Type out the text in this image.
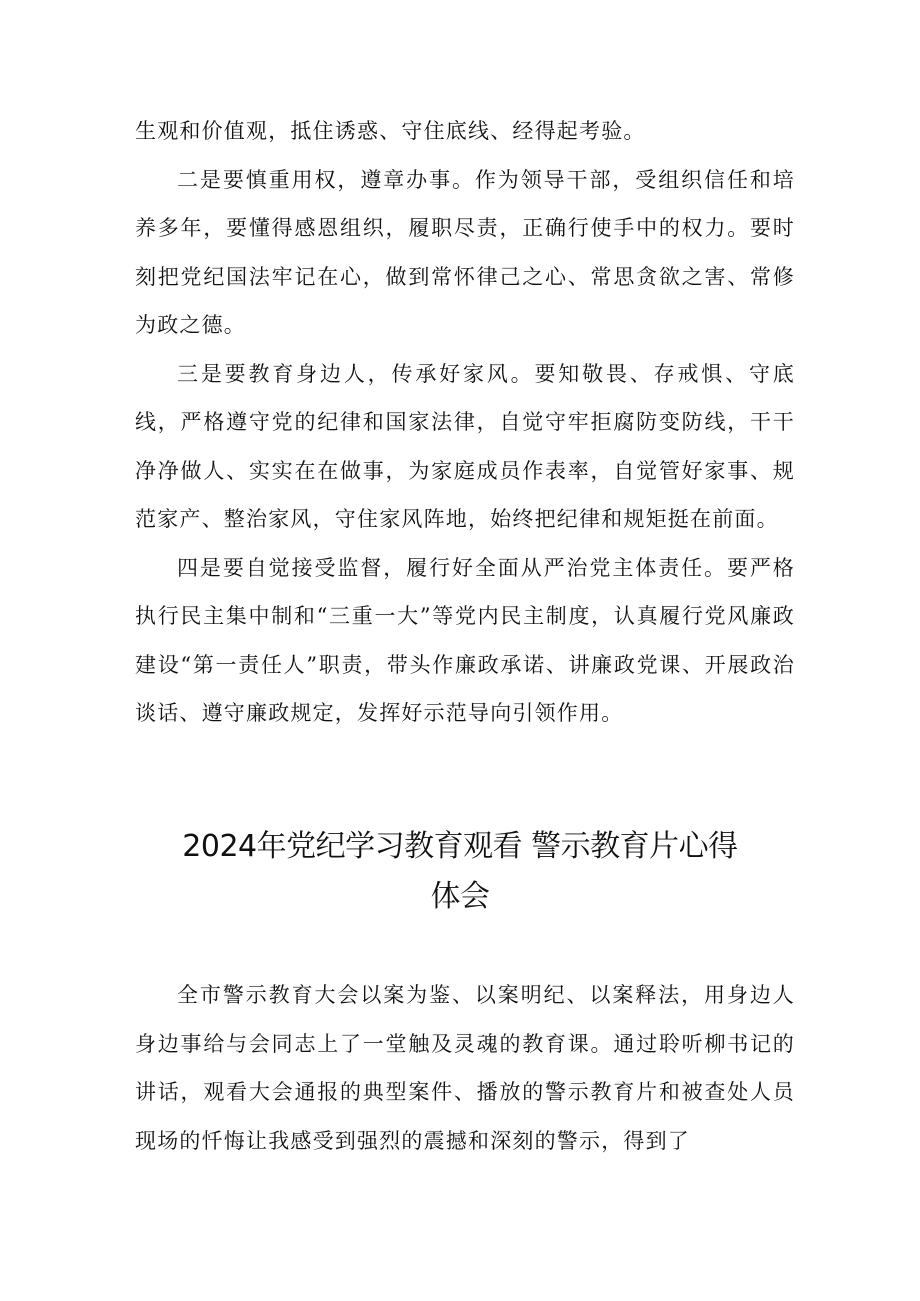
生观和价值观，抵住诱惑、守住底线、经得起考验。

二是要慎重用权，遵章办事。作为领导干部，受组织信任和培养多年，要懂得感恩组织，履职尽责，正确行使手中的权力。要时刻把党纪国法牢记在心，做到常怀律己之心、常思贪欲之害、常修为政之德。

三是要教育身边人，传承好家风。要知敬畏、存戒惧、守底线，严格遵守党的纪律和国家法律，自觉守牢拒腐防变防线，干干净净做人、实实在在做事，为家庭成员作表率，自觉管好家事、规范家产、整治家风，守住家风阵地，始终把纪律和规矩挺在前面。

四是要自觉接受监督，履行好全面从严治党主体责任。要严格执行民主集中制和“三重一大”等党内民主制度，认真履行党风廉政建设“第一责任人”职责，带头作廉政承诺、讲廉政党课、开展政治谈话、遵守廉政规定，发挥好示范导向引领作用。

2024年党纪学习教育观看 警示教育片心得
体会

全市警示教育大会以案为鉴、以案明纪、以案释法，用身边人身边事给与会同志上了一堂触及灵魂的教育课。通过聆听柳书记的讲话，观看大会通报的典型案件、播放的警示教育片和被查处人员现场的忏悔让我感受到强烈的震撼和深刻的警示，得到了
